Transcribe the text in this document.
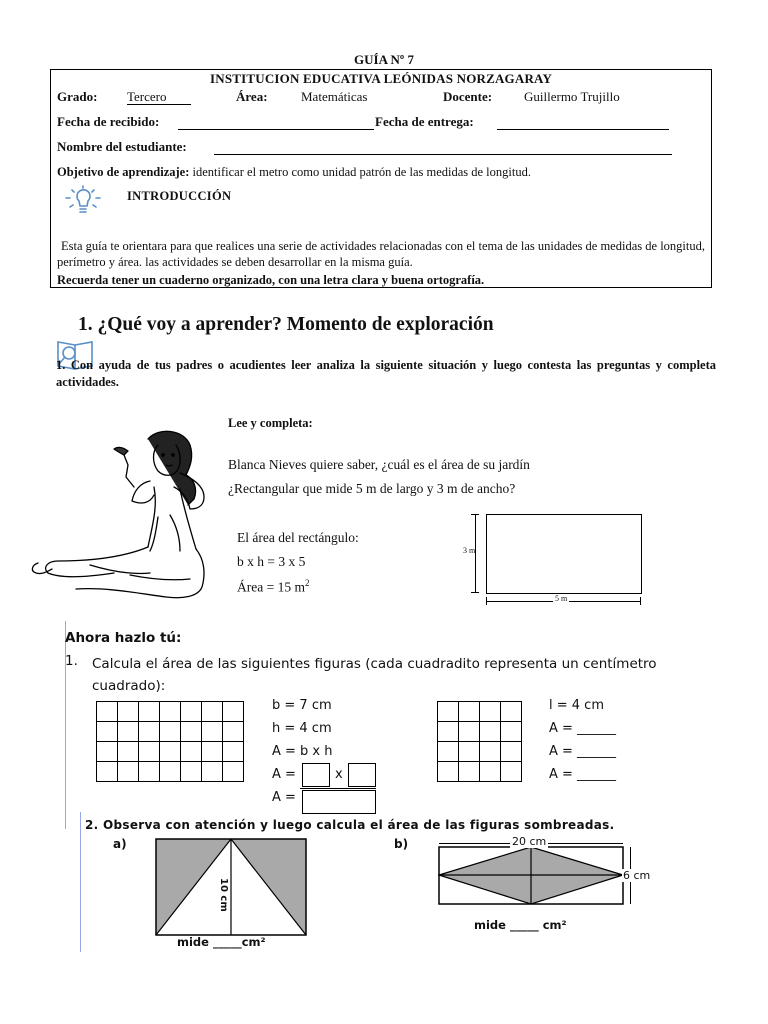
GUÍA Nº 7
INSTITUCION EDUCATIVA LEÓNIDAS NORZAGARAY
Grado: Tercero	Área:	Matemáticas	Docente: Guillermo Trujillo
Fecha de recibido:	Fecha de entrega:
Nombre del estudiante:
Objetivo de aprendizaje: identificar el metro como unidad patrón de las medidas de longitud.
INTRODUCCIÓN
Esta guía te orientara para que realices una serie de actividades relacionadas con el tema de las unidades de medidas de longitud, perímetro y área. las actividades se deben desarrollar en la misma guía.
Recuerda tener un cuaderno organizado, con una letra clara y buena ortografía.
1. ¿Qué voy a aprender? Momento de exploración
1. Con ayuda de tus padres o acudientes leer analiza la siguiente situación y luego contesta las preguntas y completa actividades.
Lee y completa:
Blanca Nieves quiere saber, ¿cuál es el área de su jardín
¿Rectangular que mide 5 m de largo y 3 m de ancho?
El área del rectángulo:
b x h = 3 x 5
Área = 15 $m^2$
3 m
5 m
Ahora hazlo tú:
1. Calcula el área de las siguientes figuras (cada cuadradito representa un centímetro cuadrado):

b = 7 cm
h = 4 cm
A = b x h
A =	x
A =

l = 4 cm
A = ______
A = ______
A = ______
2. Observa con atención y luego calcula el área de las figuras sombreadas.
a)	b)
10 cm
mide _____cm²
20 cm
6 cm
mide _____ cm²
